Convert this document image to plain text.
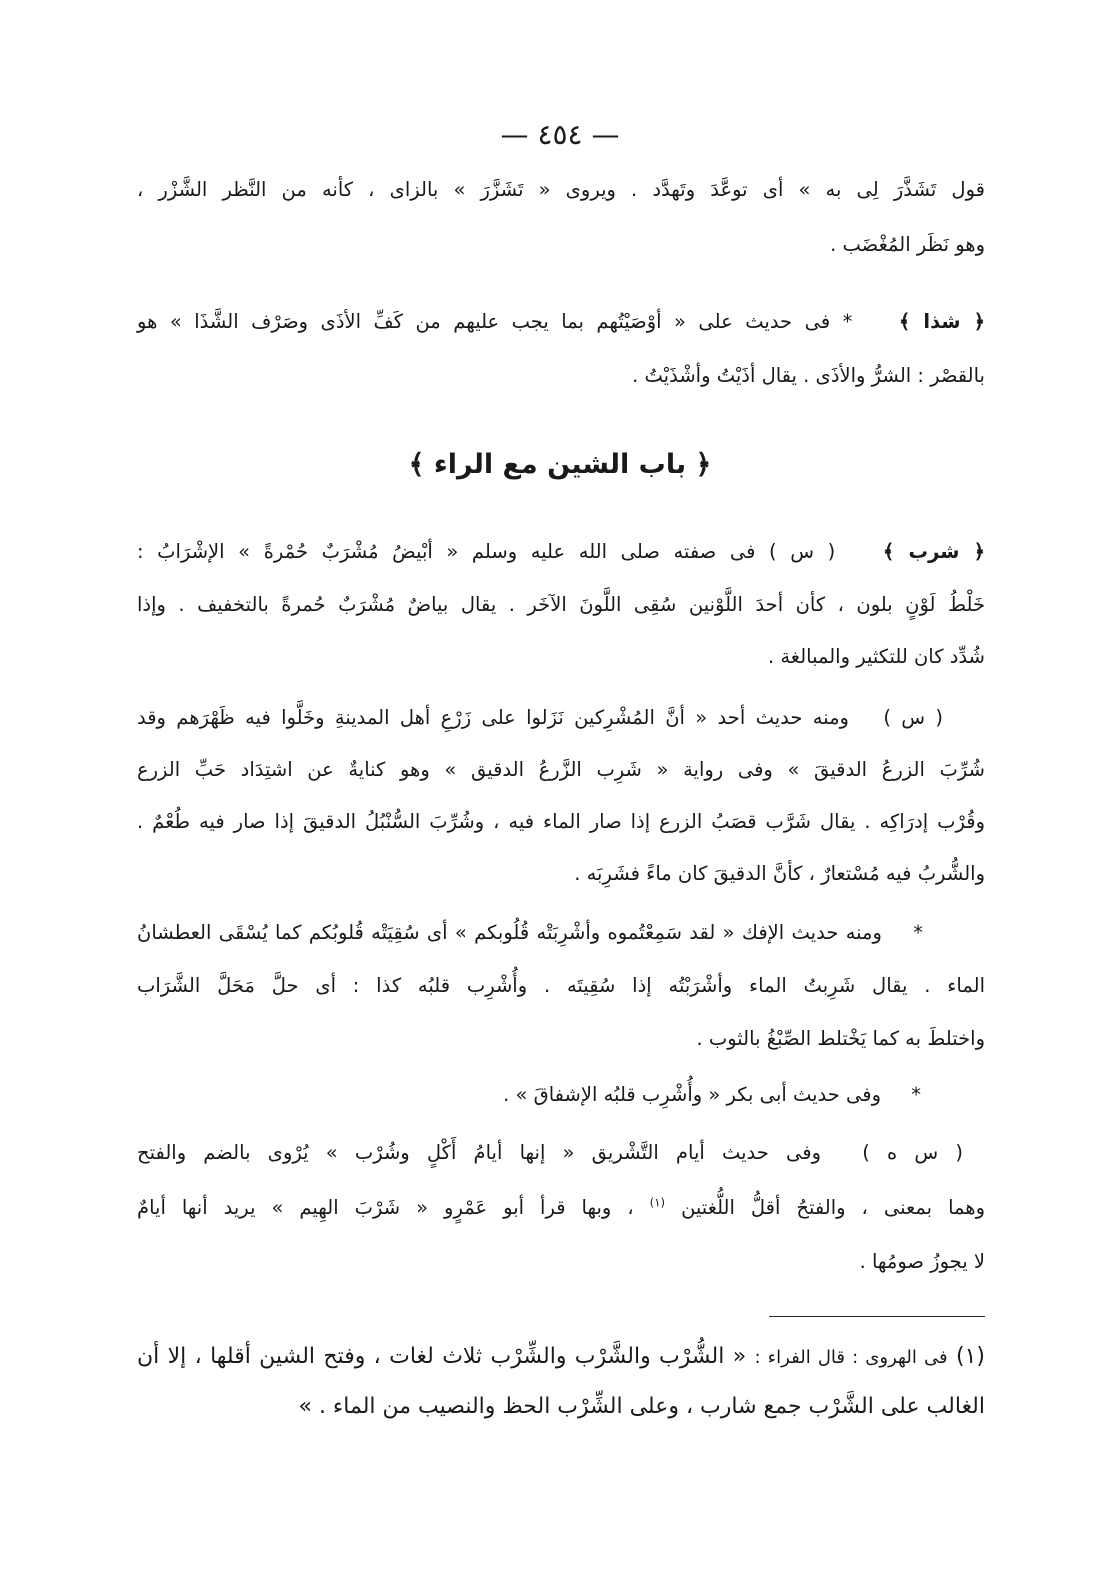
— ٤٥٤ —
قول تَشَذَّرَ لِى به » أى توعَّدَ وتَهدَّد . ويروى « تَشَزَّرَ » بالزاى ، كأنه من النَّظر الشَّزْر ،
وهو نَظَر المُغْضَب .
﴿ شذا ﴾ * فى حديث على « أوْصَيْتُهم بما يجب عليهم من كَفِّ الأذَى وصَرْف الشَّذَا » هو
بالقصْر : الشرُّ والأذَى . يقال أذَيْتُ وأشْذَيْتُ .
﴿ باب الشين مع الراء ﴾
﴿ شرب ﴾ ( س ) فى صفته صلى الله عليه وسلم « أبْيضُ مُشْرَبٌ حُمْرةً » الإشْرَابُ :
خَلْطُ لَوْنٍ بلون ، كأن أحدَ اللَّوْنين سُقِى اللَّونَ الآخَر . يقال بياضٌ مُشْرَبٌ حُمرةً بالتخفيف . وإذا
شُدِّد كان للتكثير والمبالغة .
( س ) ومنه حديث أحد « أنَّ المُشْرِكين نَزَلوا على زَرْعِ أهل المدينةِ وخَلَّوا فيه ظَهْرَهم وقد
شُرِّبَ الزرعُ الدقيقَ » وفى رواية « شَرِب الزَّرعُ الدقيق » وهو كنايةٌ عن اشتِدَاد حَبِّ الزرع
وقُرْب إدرَاكِه . يقال شَرَّب قصَبُ الزرع إذا صار الماء فيه ، وشُرِّبَ السُّنْبُلُ الدقيقَ إذا صار فيه طُعْمٌ .
والشُّربُ فيه مُسْتعارٌ ، كأنَّ الدقيقَ كان ماءً فشَرِبَه .
* ومنه حديث الإفك « لقد سَمِعْتُموه وأشْرِبَتْه قُلُوبكم » أى سُقِيَتْه قُلوبُكم كما يُسْقَى العطشانُ
الماء . يقال شَرِبتُ الماء وأشْرَبْتُه إذا سُقِيتَه . وأُشْرِب قلبُه كذا : أى حلَّ مَحَلَّ الشَّرَاب
واختلطَ به كما يَخْتلط الصِّبْغُ بالثوب .
* وفى حديث أبى بكر « وأُشْرِب قلبُه الإشفاقَ » .
( س ه ) وفى حديث أيام التَّشْريق « إنها أيامُ أَكْلٍ وشُرْب » يُرْوى بالضم والفتح
وهما بمعنى ، والفتحُ أقلُّ اللُّغتين $^{(١)}$ ، وبها قرأ أبو عَمْرٍو « شَرْبَ الهِيم » يريد أنها أيامٌ
لا يجوزُ صومُها .
(١) فى الهروى : قال الفراء : « الشُّرْب والشَّرْب والشِّرْب ثلاث لغات ، وفتح الشين أقلها ، إلا أن
الغالب على الشَّرْب جمع شارب ، وعلى الشِّرْب الحظ والنصيب من الماء . »
